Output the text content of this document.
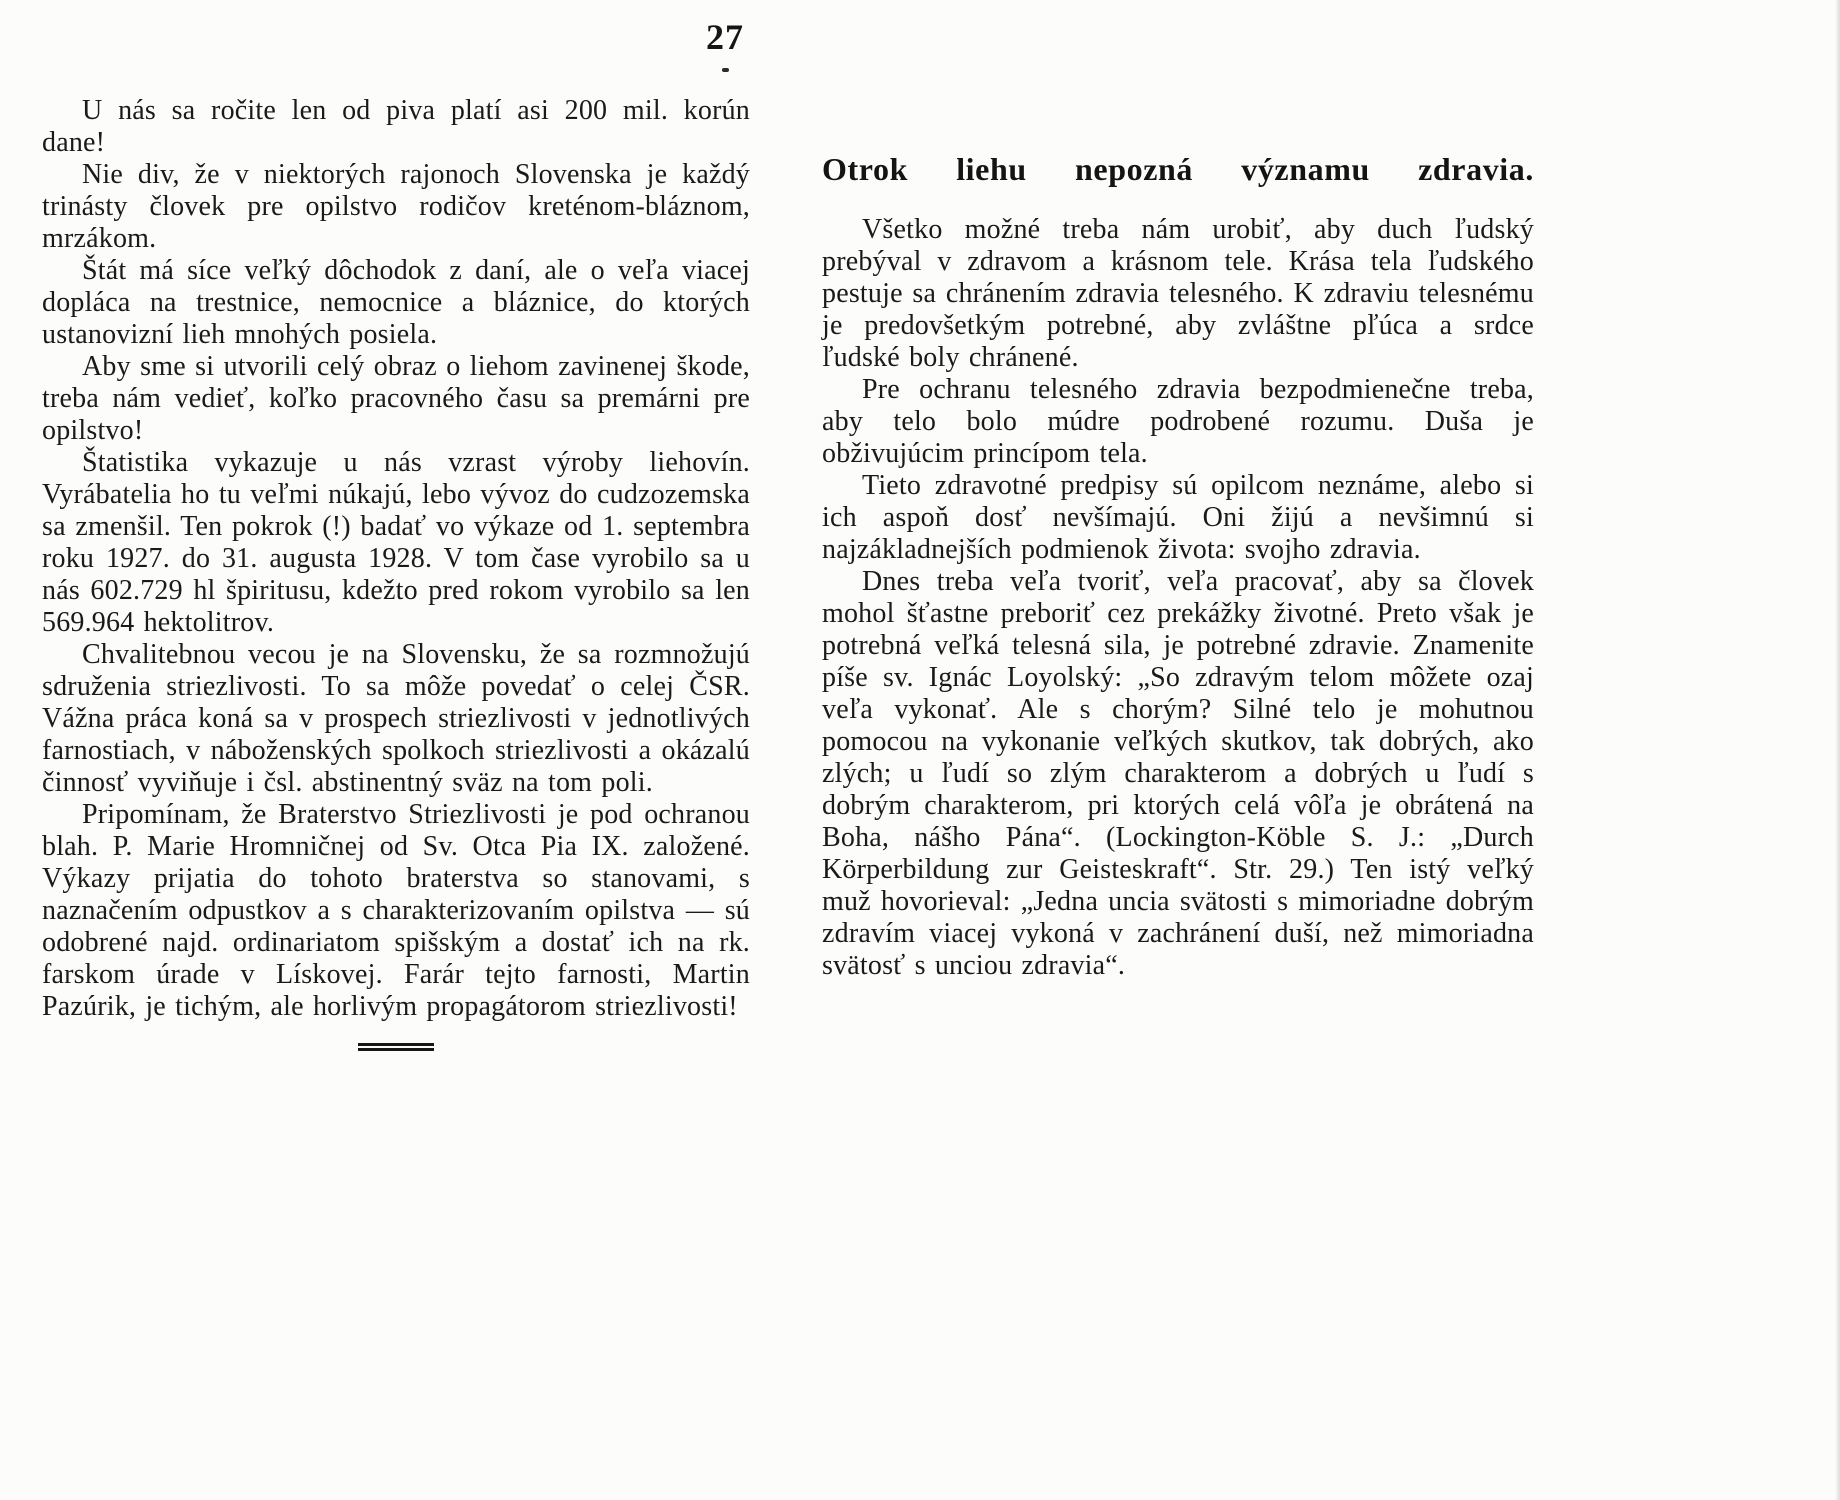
27

U nás sa ročite len od piva platí asi 200 mil. korún dane!

Nie div, že v niektorých rajonoch Slovenska je každý trinásty človek pre opilstvo rodičov kreténom-bláznom, mrzákom.

Štát má síce veľký dôchodok z daní, ale o veľa viacej dopláca na trestnice, nemocnice a bláznice, do ktorých ustanovizní lieh mnohých posiela.

Aby sme si utvorili celý obraz o liehom zavinenej škode, treba nám vedieť, koľko pracovného času sa premárni pre opilstvo!

Štatistika vykazuje u nás vzrast výroby liehovín. Vyrábatelia ho tu veľmi núkajú, lebo vývoz do cudzozemska sa zmenšil. Ten pokrok (!) badať vo výkaze od 1. septembra roku 1927. do 31. augusta 1928. V tom čase vyrobilo sa u nás 602.729 hl špiritusu, kdežto pred rokom vyrobilo sa len 569.964 hektolitrov.

Chvalitebnou vecou je na Slovensku, že sa rozmnožujú sdruženia striezlivosti. To sa môže povedať o celej ČSR. Vážna práca koná sa v prospech striezlivosti v jednotlivých farnostiach, v náboženských spolkoch striezlivosti a okázalú činnosť vyviňuje i čsl. abstinentný sväz na tom poli.

Pripomínam, že Braterstvo Striezlivosti je pod ochranou blah. P. Marie Hromničnej od Sv. Otca Pia IX. založené. Výkazy prijatia do tohoto braterstva so stanovami, s naznačením odpustkov a s charakterizovaním opilstva — sú odobrené najd. ordinariatom spišským a dostať ich na rk. farskom úrade v Lískovej. Farár tejto farnosti, Martin Pazúrik, je tichým, ale horlivým propagátorom striezlivosti!

Otrok liehu nepozná významu zdravia.

Všetko možné treba nám urobiť, aby duch ľudský prebýval v zdravom a krásnom tele. Krása tela ľudského pestuje sa chránením zdravia telesného. K zdraviu telesnému je predovšetkým potrebné, aby zvláštne pľúca a srdce ľudské boly chránené.

Pre ochranu telesného zdravia bezpodmienečne treba, aby telo bolo múdre podrobené rozumu. Duša je obživujúcim princípom tela.

Tieto zdravotné predpisy sú opilcom neznáme, alebo si ich aspoň dosť nevšímajú. Oni žijú a nevšimnú si najzákladnejších podmienok života: svojho zdravia.

Dnes treba veľa tvoriť, veľa pracovať, aby sa človek mohol šťastne preboriť cez prekážky životné. Preto však je potrebná veľká telesná sila, je potrebné zdravie. Znamenite píše sv. Ignác Loyolský: „So zdravým telom môžete ozaj veľa vykonať. Ale s chorým? Silné telo je mohutnou pomocou na vykonanie veľkých skutkov, tak dobrých, ako zlých; u ľudí so zlým charakterom a dobrých u ľudí s dobrým charakterom, pri ktorých celá vôľa je obrátená na Boha, nášho Pána“. (Lockington-Köble S. J.: „Durch Körperbildung zur Geisteskraft“. Str. 29.) Ten istý veľký muž hovorieval: „Jedna uncia svätosti s mimoriadne dobrým zdravím viacej vykoná v zachránení duší, než mimoriadna svätosť s unciou zdravia“.
